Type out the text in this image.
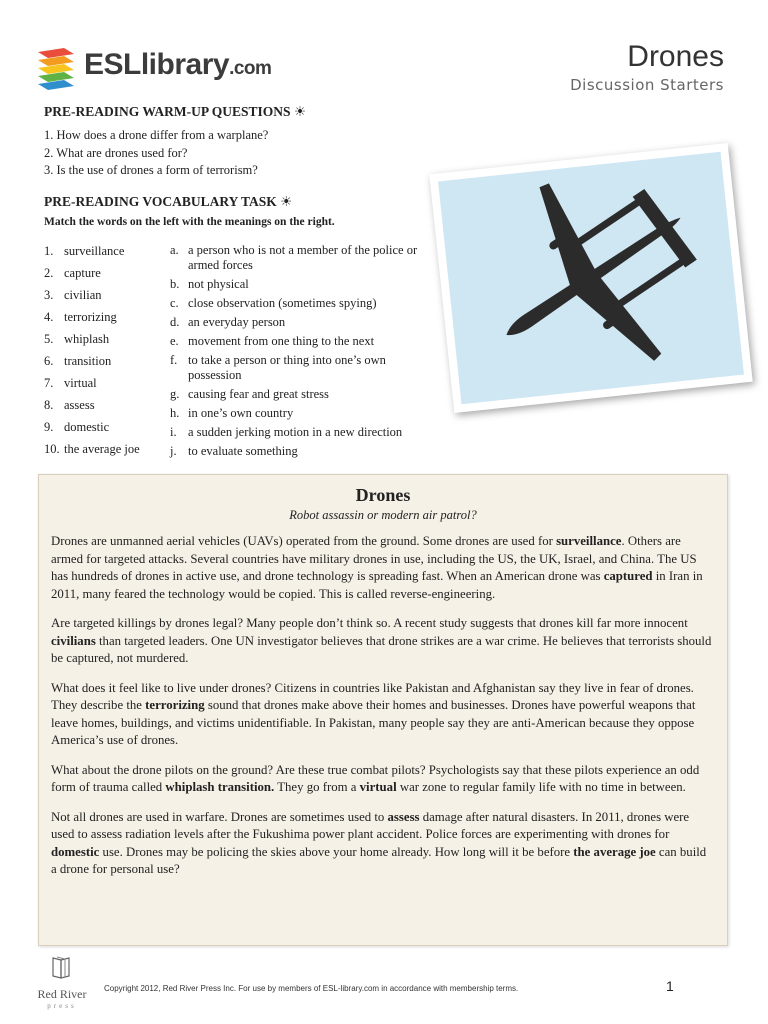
ESLlibrary.com	Drones
Discussion Starters
PRE-READING WARM-UP QUESTIONS ☀
1. How does a drone differ from a warplane?
2. What are drones used for?
3. Is the use of drones a form of terrorism?
PRE-READING VOCABULARY TASK ☀
Match the words on the left with the meanings on the right.
1. surveillance
2. capture
3. civilian
4. terrorizing
5. whiplash
6. transition
7. virtual
8. assess
9. domestic
10. the average joe
a. a person who is not a member of the police or armed forces
b. not physical
c. close observation (sometimes spying)
d. an everyday person
e. movement from one thing to the next
f. to take a person or thing into one’s own possession
g. causing fear and great stress
h. in one’s own country
i. a sudden jerking motion in a new direction
j. to evaluate something
Drones
Robot assassin or modern air patrol?

Drones are unmanned aerial vehicles (UAVs) operated from the ground. Some drones are used for surveillance. Others are armed for targeted attacks. Several countries have military drones in use, including the US, the UK, Israel, and China. The US has hundreds of drones in active use, and drone technology is spreading fast. When an American drone was captured in Iran in 2011, many feared the technology would be copied. This is called reverse-engineering.

Are targeted killings by drones legal? Many people don’t think so. A recent study suggests that drones kill far more innocent civilians than targeted leaders. One UN investigator believes that drone strikes are a war crime. He believes that terrorists should be captured, not murdered.

What does it feel like to live under drones? Citizens in countries like Pakistan and Afghanistan say they live in fear of drones. They describe the terrorizing sound that drones make above their homes and businesses. Drones have powerful weapons that leave homes, buildings, and victims unidentifiable. In Pakistan, many people say they are anti-American because they oppose America’s use of drones.

What about the drone pilots on the ground? Are these true combat pilots? Psychologists say that these pilots experience an odd form of trauma called whiplash transition. They go from a virtual war zone to regular family life with no time in between.

Not all drones are used in warfare. Drones are sometimes used to assess damage after natural disasters. In 2011, drones were used to assess radiation levels after the Fukushima power plant accident. Police forces are experimenting with drones for domestic use. Drones may be policing the skies above your home already. How long will it be before the average joe can build a drone for personal use?

Red River
press
Copyright 2012, Red River Press Inc. For use by members of ESL-library.com in accordance with membership terms.	1
